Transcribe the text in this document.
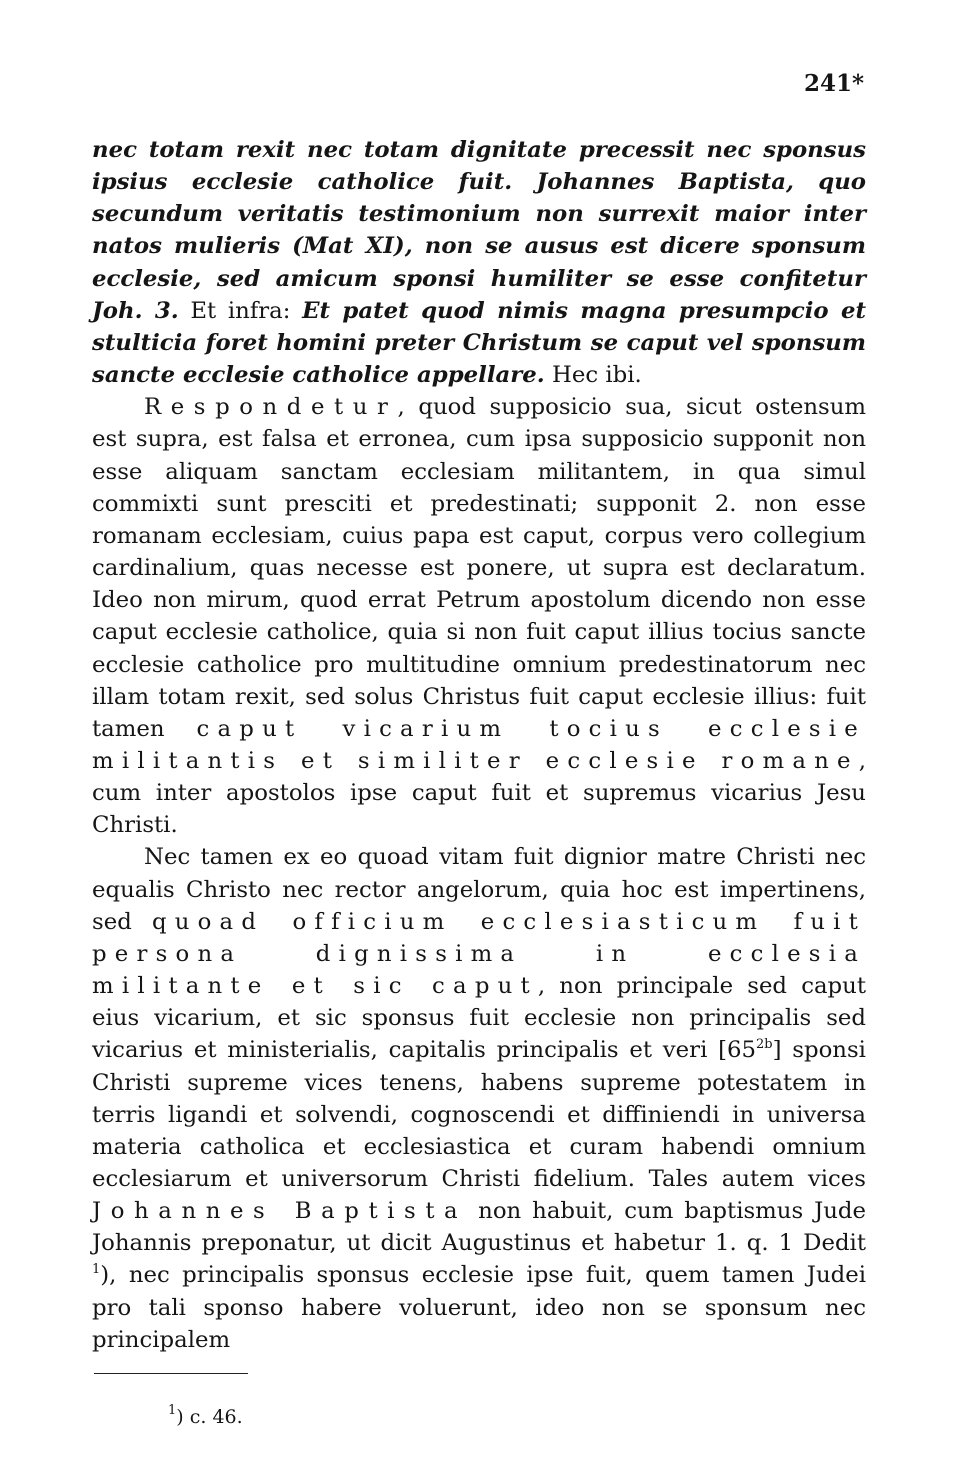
241*

nec totam rexit nec totam dignitate precessit nec sponsus ipsius ecclesie catholice fuit. Johannes Baptista, quo secundum veritatis testimonium non surrexit maior inter natos mulieris (Mat XI), non se ausus est dicere sponsum ecclesie, sed amicum sponsi humiliter se esse confitetur Joh. 3. Et infra: Et patet quod nimis magna presumpcio et stulticia foret homini preter Christum se caput vel sponsum sancte ecclesie catholice appellare. Hec ibi.

Respondetur, quod supposicio sua, sicut ostensum est supra, est falsa et erronea, cum ipsa supposicio supponit non esse aliquam sanctam ecclesiam militantem, in qua simul commixti sunt presciti et predestinati; supponit 2. non esse romanam ecclesiam, cuius papa est caput, corpus vero collegium cardinalium, quas necesse est ponere, ut supra est declaratum. Ideo non mirum, quod errat Petrum apostolum dicendo non esse caput ecclesie catholice, quia si non fuit caput illius tocius sancte ecclesie catholice pro multitudine omnium predestinatorum nec illam totam rexit, sed solus Christus fuit caput ecclesie illius: fuit tamen caput vicarium tocius ecclesie militantis et similiter ecclesie romane, cum inter apostolos ipse caput fuit et supremus vicarius Jesu Christi.

Nec tamen ex eo quoad vitam fuit dignior matre Christi nec equalis Christo nec rector angelorum, quia hoc est impertinens, sed quoad officium ecclesiasticum fuit persona dignissima in ecclesia militante et sic caput, non principale sed caput eius vicarium, et sic sponsus fuit ecclesie non principalis sed vicarius et ministerialis, capitalis principalis et veri $[65^{2b}]$ sponsi Christi supreme vices tenens, habens supreme potestatem in terris ligandi et solvendi, cognoscendi et diffiniendi in universa materia catholica et ecclesiastica et curam habendi omnium ecclesiarum et universorum Christi fidelium. Tales autem vices Johannes Baptista non habuit, cum baptismus Jude Johannis preponatur, ut dicit Augustinus et habetur 1. q. 1 Dedit $^1$), nec principalis sponsus ecclesie ipse fuit, quem tamen Judei pro tali sponso habere voluerunt, ideo non se sponsum nec principalem

$^1$) c. 46.
